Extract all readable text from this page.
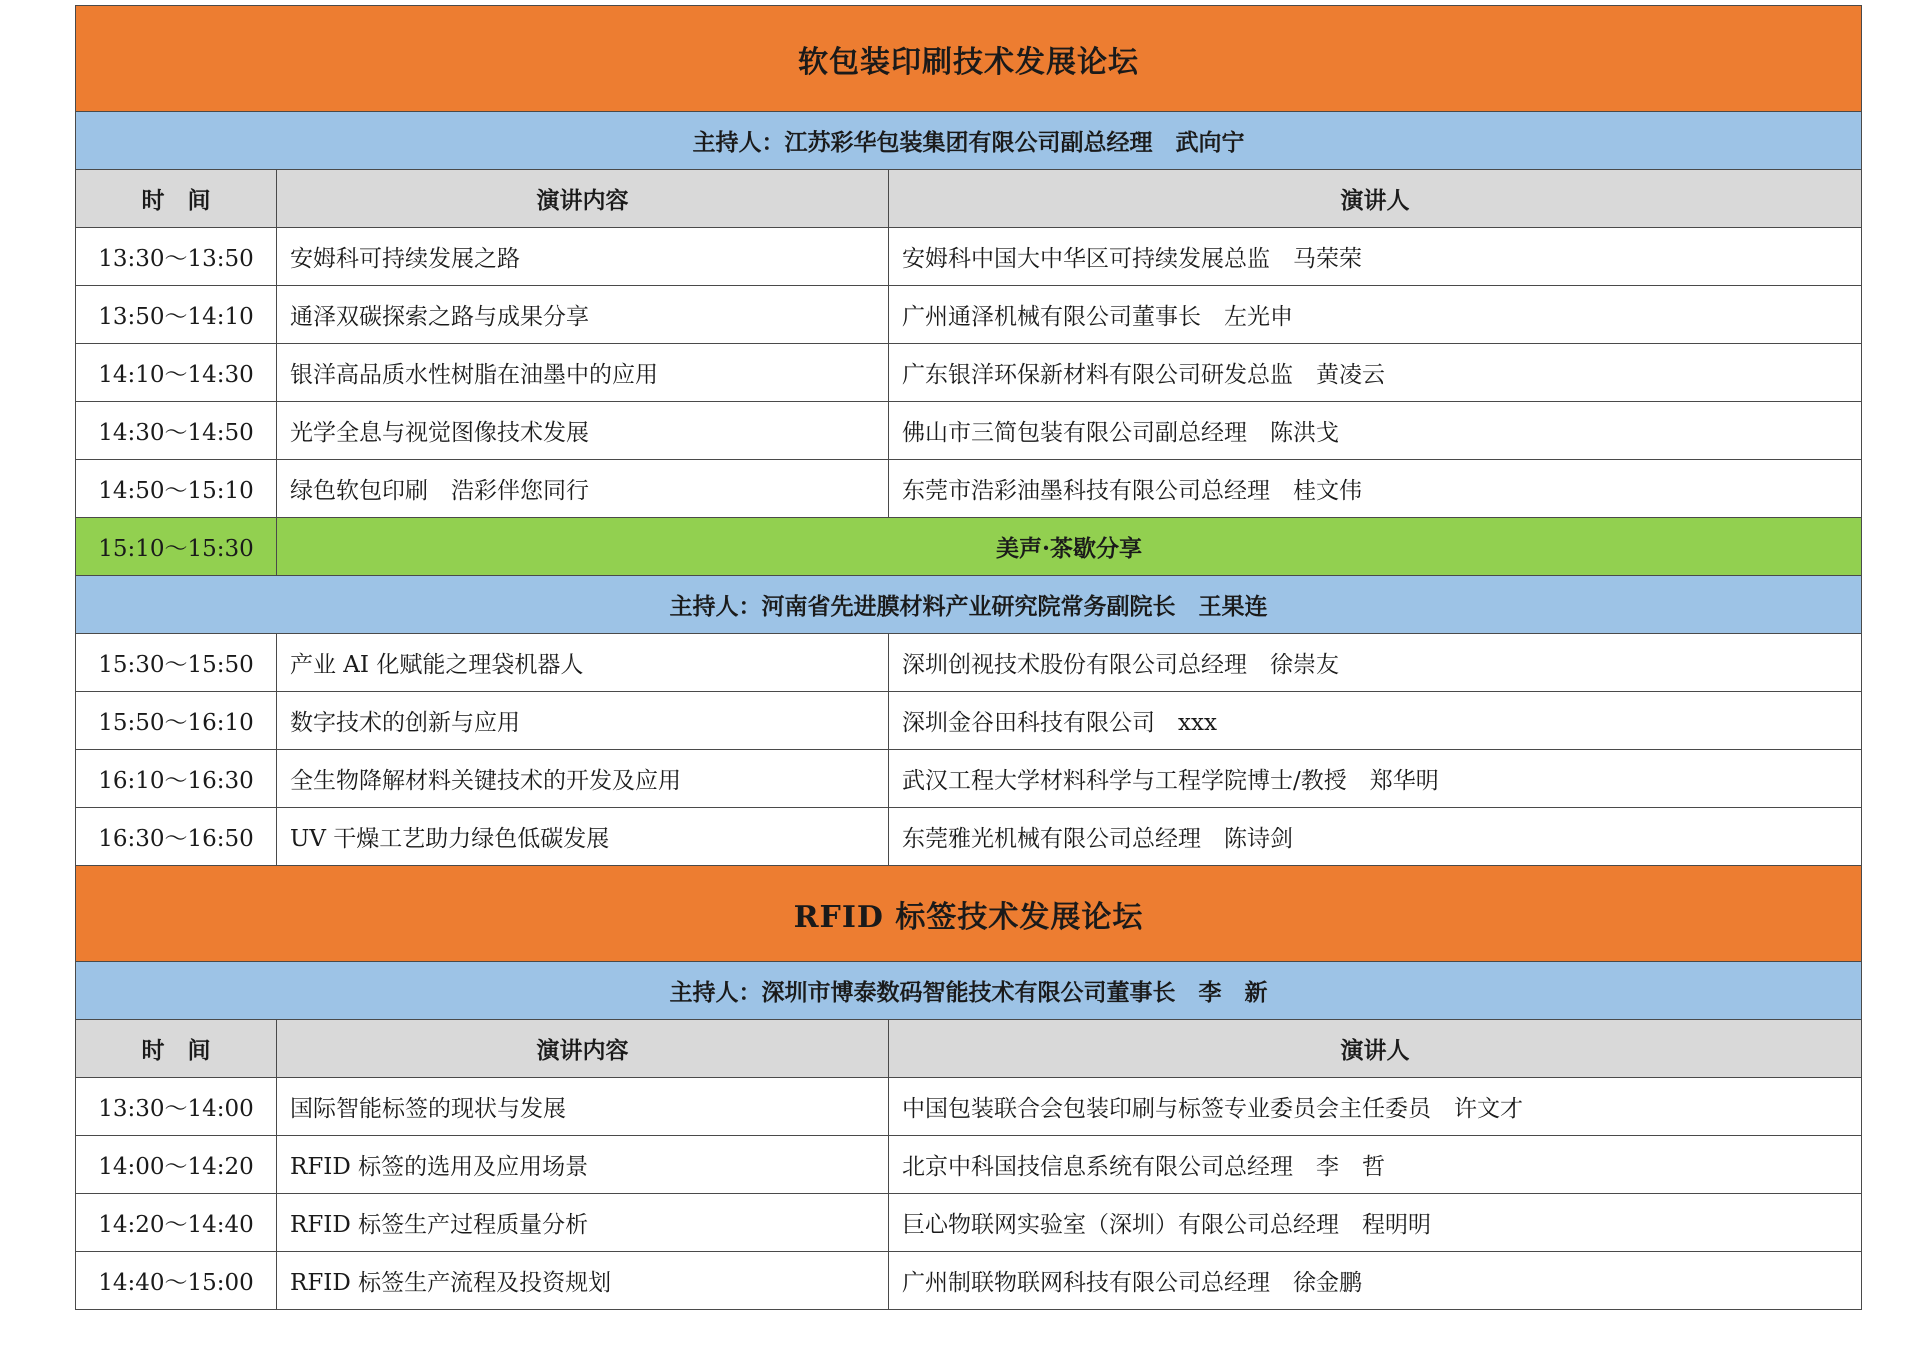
软包装印刷技术发展论坛		
主持人：江苏彩华包装集团有限公司副总经理　武向宁		
时　间	演讲内容	演讲人
13:30～13:50	安姆科可持续发展之路	安姆科中国大中华区可持续发展总监　马荣荣
13:50～14:10	通泽双碳探索之路与成果分享	广州通泽机械有限公司董事长　左光申
14:10～14:30	银洋高品质水性树脂在油墨中的应用	广东银洋环保新材料有限公司研发总监　黄凌云
14:30～14:50	光学全息与视觉图像技术发展	佛山市三简包装有限公司副总经理　陈洪戈
14:50～15:10	绿色软包印刷　浩彩伴您同行	东莞市浩彩油墨科技有限公司总经理　桂文伟
15:10～15:30	美声·茶歇分享	
主持人：河南省先进膜材料产业研究院常务副院长　王果连		
15:30～15:50	产业 AI 化赋能之理袋机器人	深圳创视技术股份有限公司总经理　徐崇友
15:50～16:10	数字技术的创新与应用	深圳金谷田科技有限公司　xxx
16:10～16:30	全生物降解材料关键技术的开发及应用	武汉工程大学材料科学与工程学院博士/教授　郑华明
16:30～16:50	UV 干燥工艺助力绿色低碳发展	东莞雅光机械有限公司总经理　陈诗剑
RFID 标签技术发展论坛		
主持人：深圳市博泰数码智能技术有限公司董事长　李　新		
时　间	演讲内容	演讲人
13:30～14:00	国际智能标签的现状与发展	中国包装联合会包装印刷与标签专业委员会主任委员　许文才
14:00～14:20	RFID 标签的选用及应用场景	北京中科国技信息系统有限公司总经理　李　哲
14:20～14:40	RFID 标签生产过程质量分析	巨心物联网实验室（深圳）有限公司总经理　程明明
14:40～15:00	RFID 标签生产流程及投资规划	广州制联物联网科技有限公司总经理　徐金鹏
